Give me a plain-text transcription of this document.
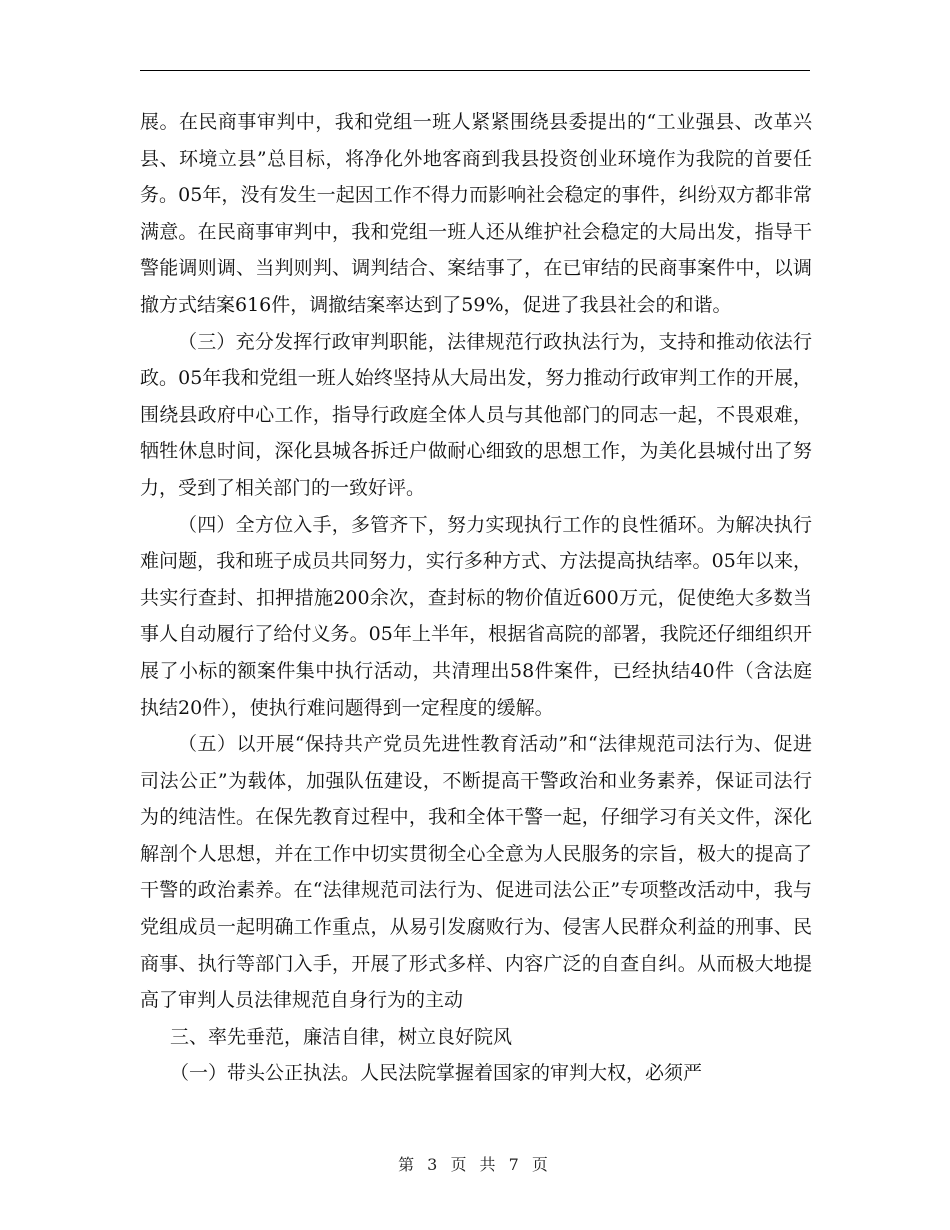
展。在民商事审判中，我和党组一班人紧紧围绕县委提出的“工业强县、改革兴县、环境立县”总目标，将净化外地客商到我县投资创业环境作为我院的首要任务。05年，没有发生一起因工作不得力而影响社会稳定的事件，纠纷双方都非常满意。在民商事审判中，我和党组一班人还从维护社会稳定的大局出发，指导干警能调则调、当判则判、调判结合、案结事了，在已审结的民商事案件中，以调撤方式结案616件，调撤结案率达到了59%，促进了我县社会的和谐。

（三）充分发挥行政审判职能，法律规范行政执法行为，支持和推动依法行政。05年我和党组一班人始终坚持从大局出发，努力推动行政审判工作的开展，围绕县政府中心工作，指导行政庭全体人员与其他部门的同志一起，不畏艰难，牺牲休息时间，深化县城各拆迁户做耐心细致的思想工作，为美化县城付出了努力，受到了相关部门的一致好评。

（四）全方位入手，多管齐下，努力实现执行工作的良性循环。为解决执行难问题，我和班子成员共同努力，实行多种方式、方法提高执结率。05年以来，共实行查封、扣押措施200余次，查封标的物价值近600万元，促使绝大多数当事人自动履行了给付义务。05年上半年，根据省高院的部署，我院还仔细组织开展了小标的额案件集中执行活动，共清理出58件案件，已经执结40件（含法庭执结20件），使执行难问题得到一定程度的缓解。

（五）以开展“保持共产党员先进性教育活动”和“法律规范司法行为、促进司法公正”为载体，加强队伍建设，不断提高干警政治和业务素养，保证司法行为的纯洁性。在保先教育过程中，我和全体干警一起，仔细学习有关文件，深化解剖个人思想，并在工作中切实贯彻全心全意为人民服务的宗旨，极大的提高了干警的政治素养。在“法律规范司法行为、促进司法公正”专项整改活动中，我与党组成员一起明确工作重点，从易引发腐败行为、侵害人民群众利益的刑事、民商事、执行等部门入手，开展了形式多样、内容广泛的自查自纠。从而极大地提高了审判人员法律规范自身行为的主动

三、率先垂范，廉洁自律，树立良好院风

（一）带头公正执法。人民法院掌握着国家的审判大权，必须严

第 3 页 共 7 页
